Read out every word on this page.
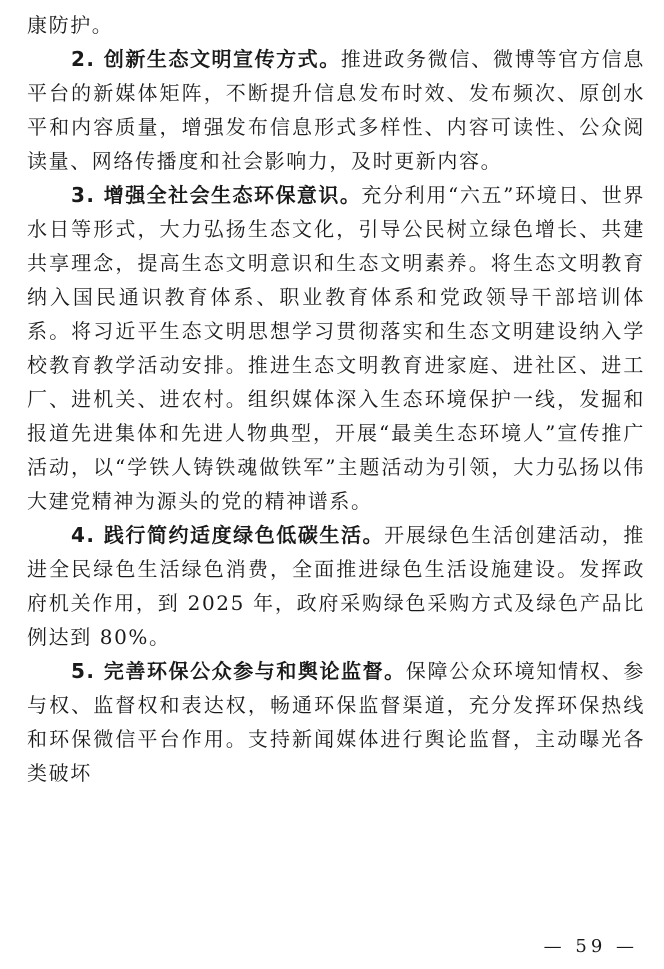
康防护。

2. 创新生态文明宣传方式。推进政务微信、微博等官方信息平台的新媒体矩阵，不断提升信息发布时效、发布频次、原创水平和内容质量，增强发布信息形式多样性、内容可读性、公众阅读量、网络传播度和社会影响力，及时更新内容。

3. 增强全社会生态环保意识。充分利用“六五”环境日、世界水日等形式，大力弘扬生态文化，引导公民树立绿色增长、共建共享理念，提高生态文明意识和生态文明素养。将生态文明教育纳入国民通识教育体系、职业教育体系和党政领导干部培训体系。将习近平生态文明思想学习贯彻落实和生态文明建设纳入学校教育教学活动安排。推进生态文明教育进家庭、进社区、进工厂、进机关、进农村。组织媒体深入生态环境保护一线，发掘和报道先进集体和先进人物典型，开展“最美生态环境人”宣传推广活动，以“学铁人铸铁魂做铁军”主题活动为引领，大力弘扬以伟大建党精神为源头的党的精神谱系。

4. 践行简约适度绿色低碳生活。开展绿色生活创建活动，推进全民绿色生活绿色消费，全面推进绿色生活设施建设。发挥政府机关作用，到 2025 年，政府采购绿色采购方式及绿色产品比例达到 80%。

5. 完善环保公众参与和舆论监督。保障公众环境知情权、参与权、监督权和表达权，畅通环保监督渠道，充分发挥环保热线和环保微信平台作用。支持新闻媒体进行舆论监督，主动曝光各类破坏

— 59 —
